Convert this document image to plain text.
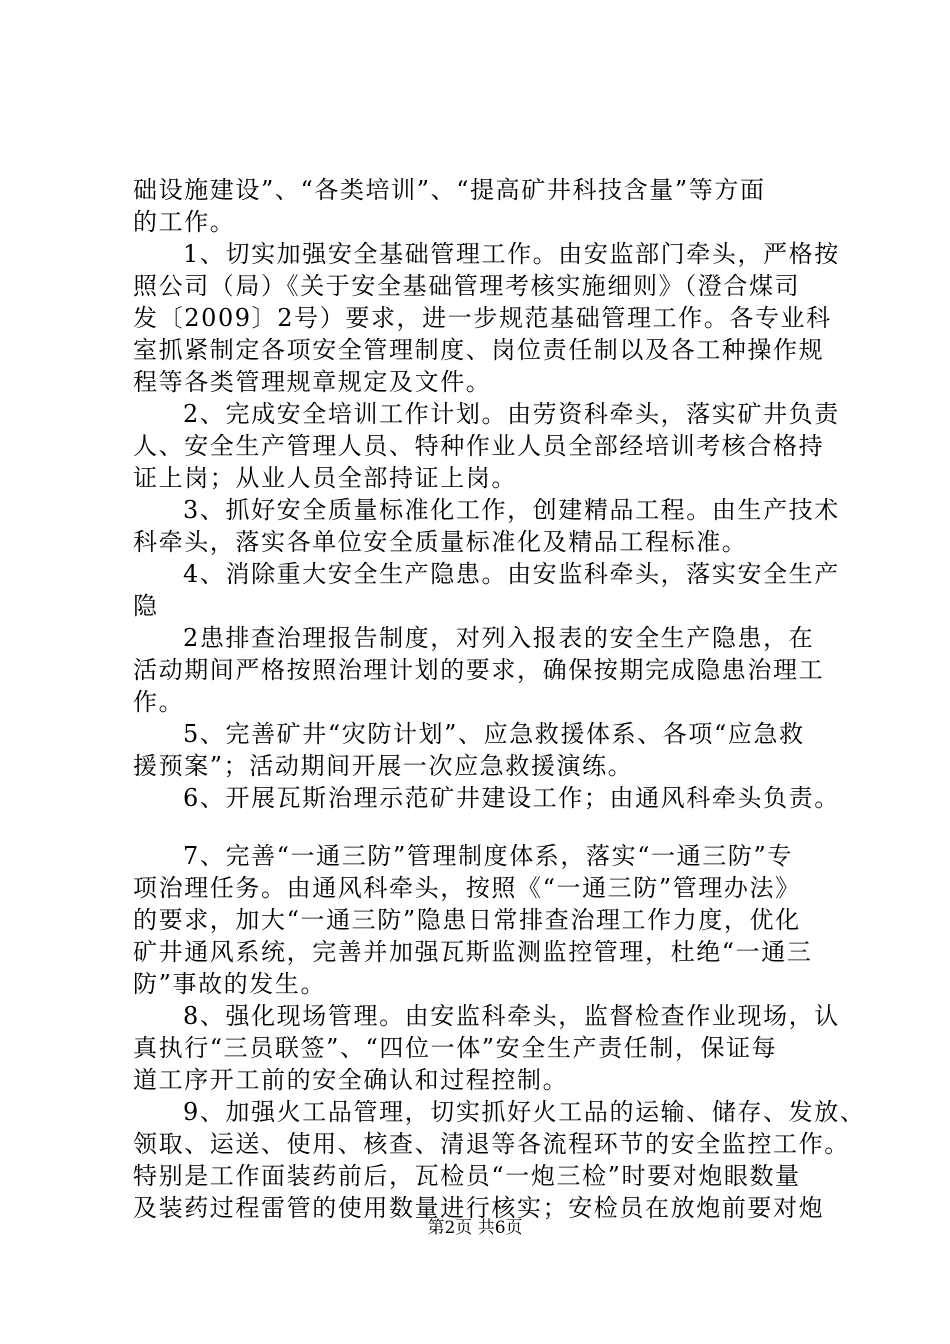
础设施建设”、“各类培训”、“提高矿井科技含量”等方面
的工作。
1、切实加强安全基础管理工作。由安监部门牵头，严格按
照公司（局）《关于安全基础管理考核实施细则》（澄合煤司
发〔2009〕2号）要求，进一步规范基础管理工作。各专业科
室抓紧制定各项安全管理制度、岗位责任制以及各工种操作规
程等各类管理规章规定及文件。
2、完成安全培训工作计划。由劳资科牵头，落实矿井负责
人、安全生产管理人员、特种作业人员全部经培训考核合格持
证上岗；从业人员全部持证上岗。
3、抓好安全质量标准化工作，创建精品工程。由生产技术
科牵头，落实各单位安全质量标准化及精品工程标准。
4、消除重大安全生产隐患。由安监科牵头，落实安全生产
隐
2患排查治理报告制度，对列入报表的安全生产隐患，在
活动期间严格按照治理计划的要求，确保按期完成隐患治理工
作。
5、完善矿井“灾防计划”、应急救援体系、各项“应急救
援预案”；活动期间开展一次应急救援演练。
6、开展瓦斯治理示范矿井建设工作；由通风科牵头负责。
7、完善“一通三防”管理制度体系，落实“一通三防”专
项治理任务。由通风科牵头，按照《“一通三防”管理办法》
的要求，加大“一通三防”隐患日常排查治理工作力度，优化
矿井通风系统，完善并加强瓦斯监测监控管理，杜绝“一通三
防”事故的发生。
8、强化现场管理。由安监科牵头，监督检查作业现场，认
真执行“三员联签”、“四位一体”安全生产责任制，保证每
道工序开工前的安全确认和过程控制。
9、加强火工品管理，切实抓好火工品的运输、储存、发放、
领取、运送、使用、核查、清退等各流程环节的安全监控工作。
特别是工作面装药前后，瓦检员“一炮三检”时要对炮眼数量
及装药过程雷管的使用数量进行核实；安检员在放炮前要对炮
第2页 共6页
